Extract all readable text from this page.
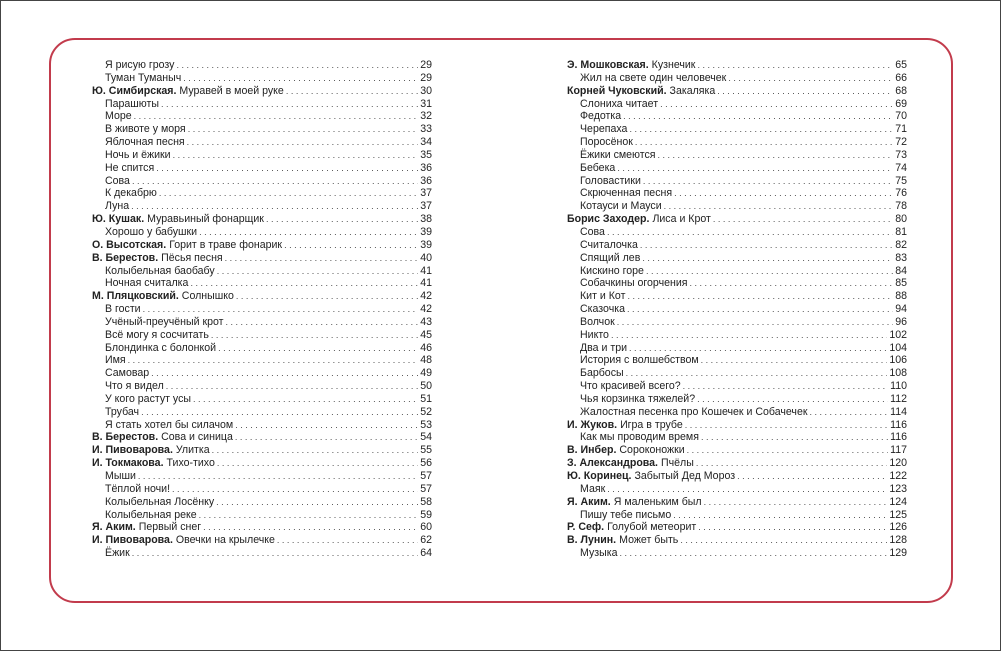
Я рисую грозу . . .	29
Туман Туманыч . . .	29
Ю. Симбирская. Муравей в моей руке . . .	30
Парашюты . . .	31
Море . . .	32
В животе у моря . . .	33
Яблочная песня . . .	34
Ночь и ёжики . . .	35
Не спится . . .	36
Сова . . .	36
К декабрю . . .	37
Луна . . .	37
Ю. Кушак. Муравьиный фонарщик . . .	38
Хорошо у бабушки . . .	39
О. Высотская. Горит в траве фонарик . . .	39
В. Берестов. Пёсья песня . . .	40
Колыбельная баобабу . . .	41
Ночная считалка . . .	41
М. Пляцковский. Солнышко . . .	42
В гости . . .	42
Учёный-преучёный крот . . .	43
Всё могу я сосчитать . . .	45
Блондинка с болонкой . . .	46
Имя . . .	48
Самовар . . .	49
Что я видел . . .	50
У кого растут усы . . .	51
Трубач . . .	52
Я стать хотел бы силачом . . .	53
В. Берестов. Сова и синица . . .	54
И. Пивоварова. Улитка . . .	55
И. Токмакова. Тихо-тихо . . .	56
Мыши . . .	57
Тёплой ночи! . . .	57
Колыбельная Лосёнку . . .	58
Колыбельная реке . . .	59
Я. Аким. Первый снег . . .	60
И. Пивоварова. Овечки на крылечке . . .	62
Ёжик . . .	64
Э. Мошковская. Кузнечик . . .	65
Жил на свете один человечек . . .	66
Корней Чуковский. Закаляка . . .	68
Слониха читает . . .	69
Федотка . . .	70
Черепаха . . .	71
Поросёнок . . .	72
Ёжики смеются . . .	73
Бебека . . .	74
Головастики . . .	75
Скрюченная песня . . .	76
Котауси и Мауси . . .	78
Борис Заходер. Лиса и Крот . . .	80
Сова . . .	81
Считалочка . . .	82
Спящий лев . . .	83
Кискино горе . . .	84
Собачкины огорчения . . .	85
Кит и Кот . . .	88
Сказочка . . .	94
Волчок . . .	96
Никто . . .	102
Два и три . . .	104
История с волшебством . . .	106
Барбосы . . .	108
Что красивей всего? . . .	110
Чья корзинка тяжелей? . . .	112
Жалостная песенка про Кошечек и Собачечек . . .	114
И. Жуков. Игра в трубе . . .	116
Как мы проводим время . . .	116
В. Инбер. Сороконожки . . .	117
З. Александрова. Пчёлы . . .	120
Ю. Коринец. Забытый Дед Мороз . . .	122
Маяк . . .	123
Я. Аким. Я маленьким был . . .	124
Пишу тебе письмо . . .	125
Р. Сеф. Голубой метеорит . . .	126
В. Лунин. Может быть . . .	128
Музыка . . .	129
